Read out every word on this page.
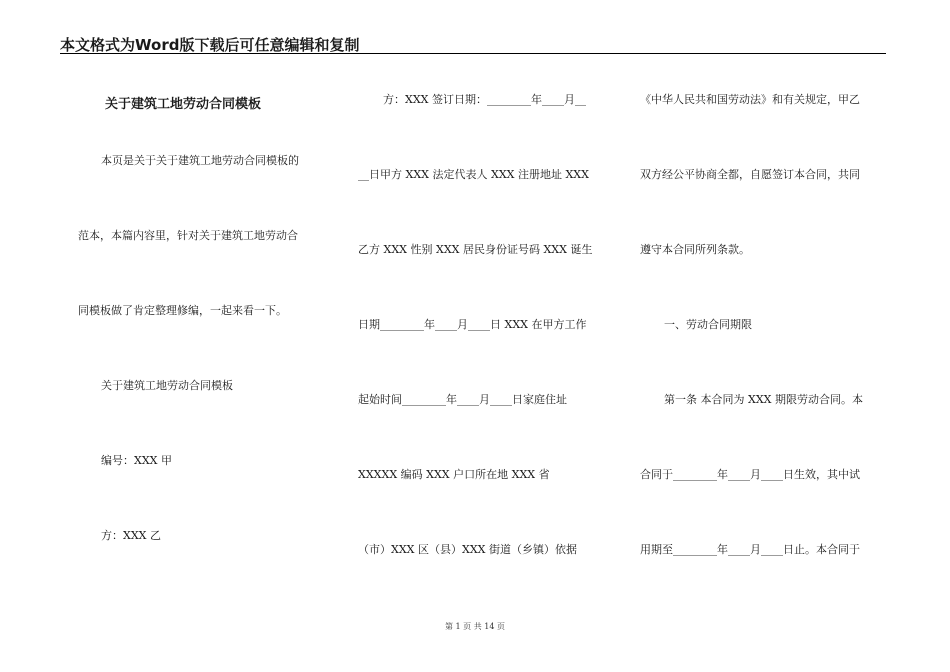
本文格式为Word版下载后可任意编辑和复制
关于建筑工地劳动合同模板
本页是关于关于建筑工地劳动合同模板的
范本，本篇内容里，针对关于建筑工地劳动合
同模板做了肯定整理修编，一起来看一下。
关于建筑工地劳动合同模板
编号：XXX 甲
方：XXX 乙
方：XXX 签订日期：________年____月__
__日甲方 XXX 法定代表人 XXX 注册地址 XXX
乙方 XXX 性别 XXX 居民身份证号码 XXX 诞生
日期________年____月____日 XXX 在甲方工作
起始时间________年____月____日家庭住址
XXXXX 编码 XXX 户口所在地 XXX 省
（市）XXX 区（县）XXX 街道（乡镇）依据
《中华人民共和国劳动法》和有关规定，甲乙
双方经公平协商全都，自愿签订本合同，共同
遵守本合同所列条款。
一、劳动合同期限
第一条 本合同为 XXX 期限劳动合同。本
合同于________年____月____日生效，其中试
用期至________年____月____日止。本合同于
第 1 页 共 14 页
